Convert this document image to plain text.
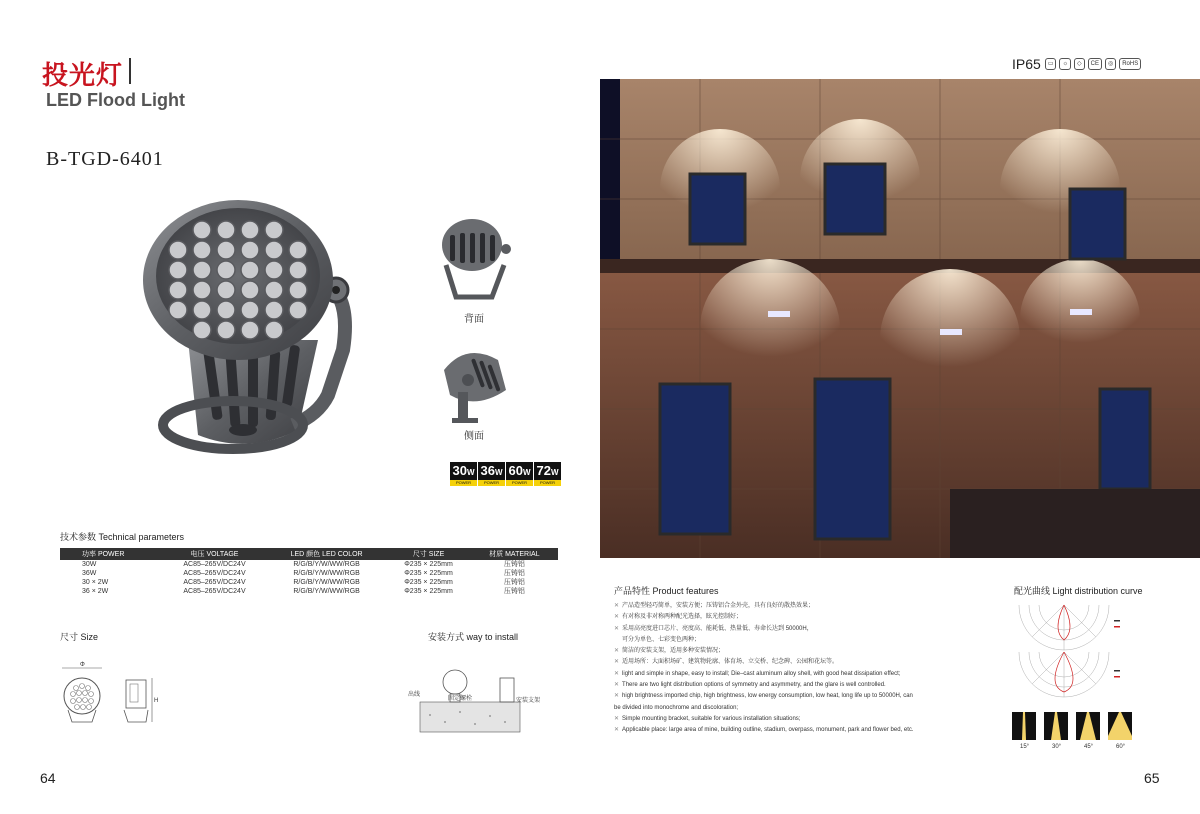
投光灯
LED Flood Light
B-TGD-6401
背面
侧面
30W
POWER
36W
POWER
60W
POWER
72W
POWER
技术参数 Technical parameters
功率 POWER	电压 VOLTAGE	LED 颜色 LED COLOR	尺寸 SIZE	材质 MATERIAL
30W	AC85–265V/DC24V	R/G/B/Y/W/WW/RGB	Φ235 × 225mm	压铸铝
36W	AC85–265V/DC24V	R/G/B/Y/W/WW/RGB	Φ235 × 225mm	压铸铝
30 × 2W	AC85–265V/DC24V	R/G/B/Y/W/WW/RGB	Φ235 × 225mm	压铸铝
36 × 2W	AC85–265V/DC24V	R/G/B/Y/W/WW/RGB	Φ235 × 225mm	压铸铝
尺寸 Size	安装方式 way to install
Φ
H
出线
固定螺栓	安装支架
64
IP65	▭	☼	◇	CE	◎	RoHS
产品特性 Product features
✕ 产品造型轻巧简单，安装方便；压铸铝合金外壳，具有良好的散热效果；
✕ 有对称及非对称两种配光选择，眩光控制好；
✕ 采用高亮度进口芯片、亮度高、能耗低、热量低、寿命长达到 50000H，
可分为单色、七彩变色两种；
✕ 简洁的安装支架，适用多种安装情况；
✕ 适用场所：大面积场矿、建筑物轮廓、体育场、立交桥、纪念碑、公园和花坛等。
✕ light and simple in shape, easy to install; Die–cast aluminum alloy shell, with good heat dissipation effect;
✕ There are two light distribution options of symmetry and asymmetry, and the glare is well controlled.
✕ high brightness imported chip, high brightness, low energy consumption, low heat, long life up to 50000H, can
be divided into monochrome and discoloration;
✕ Simple mounting bracket, suitable for various installation situations;
✕ Applicable place: large area of mine, building outline, stadium, overpass, monument, park and flower bed, etc.
配光曲线 Light distribution curve
15°	30°	45°	60°
65
